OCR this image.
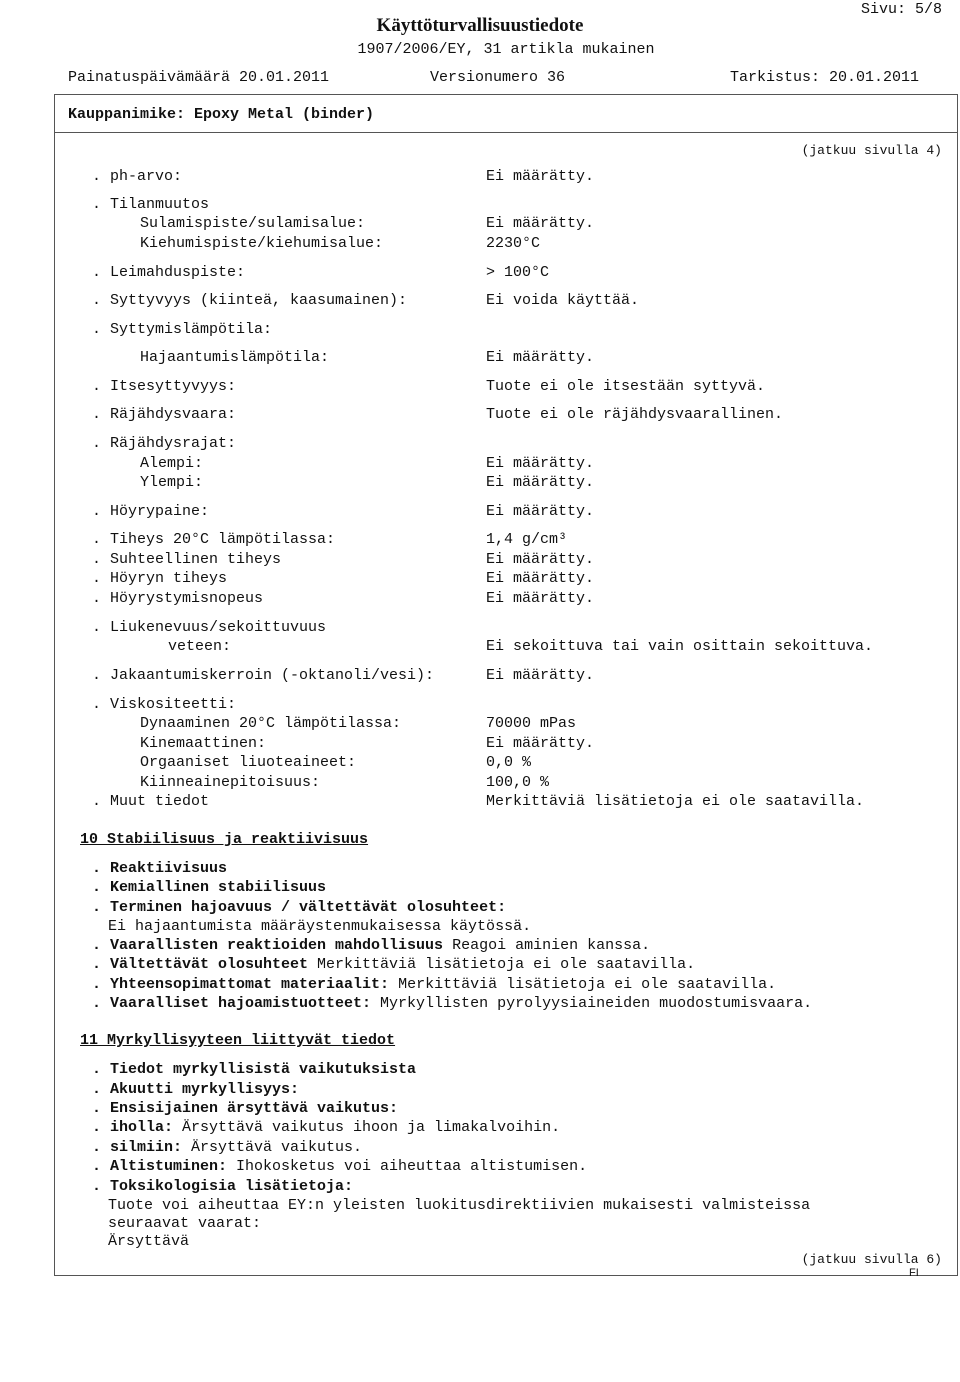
Käyttöturvallisuustiedote
1907/2006/EY, 31 artikla mukainen
Sivu: 5/8
Painatuspäivämäärä 20.01.2011	Versionumero 36	Tarkistus: 20.01.2011
Kauppanimike: Epoxy Metal (binder)
(jatkuu sivulla 4)
. ph-arvo:	Ei määrätty.
. Tilanmuutos
Sulamispiste/sulamisalue:	Ei määrätty.
Kiehumispiste/kiehumisalue:	2230°C
. Leimahduspiste:	> 100°C
. Syttyvyys (kiinteä, kaasumainen):	Ei voida käyttää.
. Syttymislämpötila:
Hajaantumislämpötila:	Ei määrätty.
. Itsesyttyvyys:	Tuote ei ole itsestään syttyvä.
. Räjähdysvaara:	Tuote ei ole räjähdysvaarallinen.
. Räjähdysrajat:
Alempi:	Ei määrätty.
Ylempi:	Ei määrätty.
. Höyrypaine:	Ei määrätty.
. Tiheys 20°C lämpötilassa:	1,4 g/cm³
. Suhteellinen tiheys	Ei määrätty.
. Höyryn tiheys	Ei määrätty.
. Höyrystymisnopeus	Ei määrätty.
. Liukenevuus/sekoittuvuus
veteen:	Ei sekoittuva tai vain osittain sekoittuva.
. Jakaantumiskerroin (-oktanoli/vesi):	Ei määrätty.
. Viskositeetti:
Dynaaminen 20°C lämpötilassa:	70000 mPas
Kinemaattinen:	Ei määrätty.
Orgaaniset liuoteaineet:	0,0 %
Kiinneainepitoisuus:	100,0 %
. Muut tiedot	Merkittäviä lisätietoja ei ole saatavilla.
10 Stabiilisuus ja reaktiivisuus
. Reaktiivisuus
. Kemiallinen stabiilisuus
. Terminen hajoavuus / vältettävät olosuhteet:
Ei hajaantumista määräystenmukaisessa käytössä.
. Vaarallisten reaktioiden mahdollisuus Reagoi aminien kanssa.
. Vältettävät olosuhteet Merkittäviä lisätietoja ei ole saatavilla.
. Yhteensopimattomat materiaalit: Merkittäviä lisätietoja ei ole saatavilla.
. Vaaralliset hajoamistuotteet: Myrkyllisten pyrolyysiaineiden muodostumisvaara.
11 Myrkyllisyyteen liittyvät tiedot
. Tiedot myrkyllisistä vaikutuksista
. Akuutti myrkyllisyys:
. Ensisijainen ärsyttävä vaikutus:
. iholla: Ärsyttävä vaikutus ihoon ja limakalvoihin.
. silmiin: Ärsyttävä vaikutus.
. Altistuminen: Ihokosketus voi aiheuttaa altistumisen.
. Toksikologisia lisätietoja:
Tuote voi aiheuttaa EY:n yleisten luokitusdirektiivien mukaisesti valmisteissa
seuraavat vaarat:
Ärsyttävä
(jatkuu sivulla 6)
FI
